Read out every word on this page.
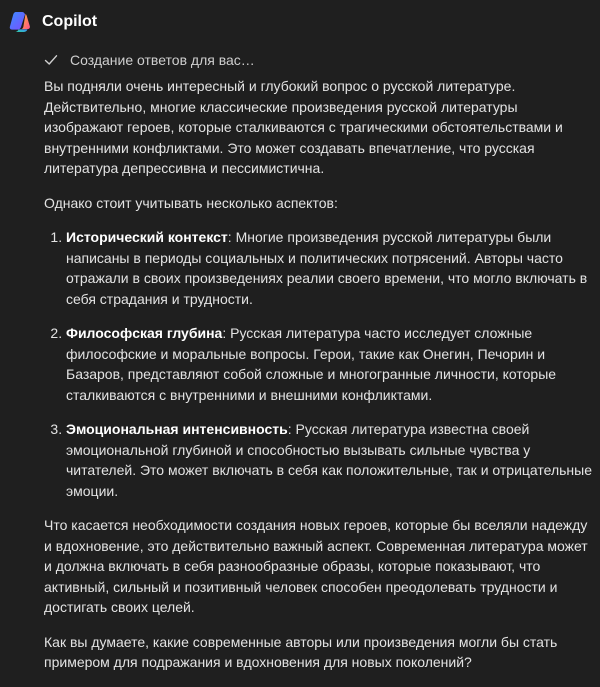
Copilot
Создание ответов для вас…

Вы подняли очень интересный и глубокий вопрос о русской литературе. Действительно, многие классические произведения русской литературы изображают героев, которые сталкиваются с трагическими обстоятельствами и внутренними конфликтами. Это может создавать впечатление, что русская литература депрессивна и пессимистична.

Однако стоит учитывать несколько аспектов:

1. Исторический контекст: Многие произведения русской литературы были написаны в периоды социальных и политических потрясений. Авторы часто отражали в своих произведениях реалии своего времени, что могло включать в себя страдания и трудности.
2. Философская глубина: Русская литература часто исследует сложные философские и моральные вопросы. Герои, такие как Онегин, Печорин и Базаров, представляют собой сложные и многогранные личности, которые сталкиваются с внутренними и внешними конфликтами.
3. Эмоциональная интенсивность: Русская литература известна своей эмоциональной глубиной и способностью вызывать сильные чувства у читателей. Это может включать в себя как положительные, так и отрицательные эмоции.

Что касается необходимости создания новых героев, которые бы вселяли надежду и вдохновение, это действительно важный аспект. Современная литература может и должна включать в себя разнообразные образы, которые показывают, что активный, сильный и позитивный человек способен преодолевать трудности и достигать своих целей.

Как вы думаете, какие современные авторы или произведения могли бы стать примером для подражания и вдохновения для новых поколений?
